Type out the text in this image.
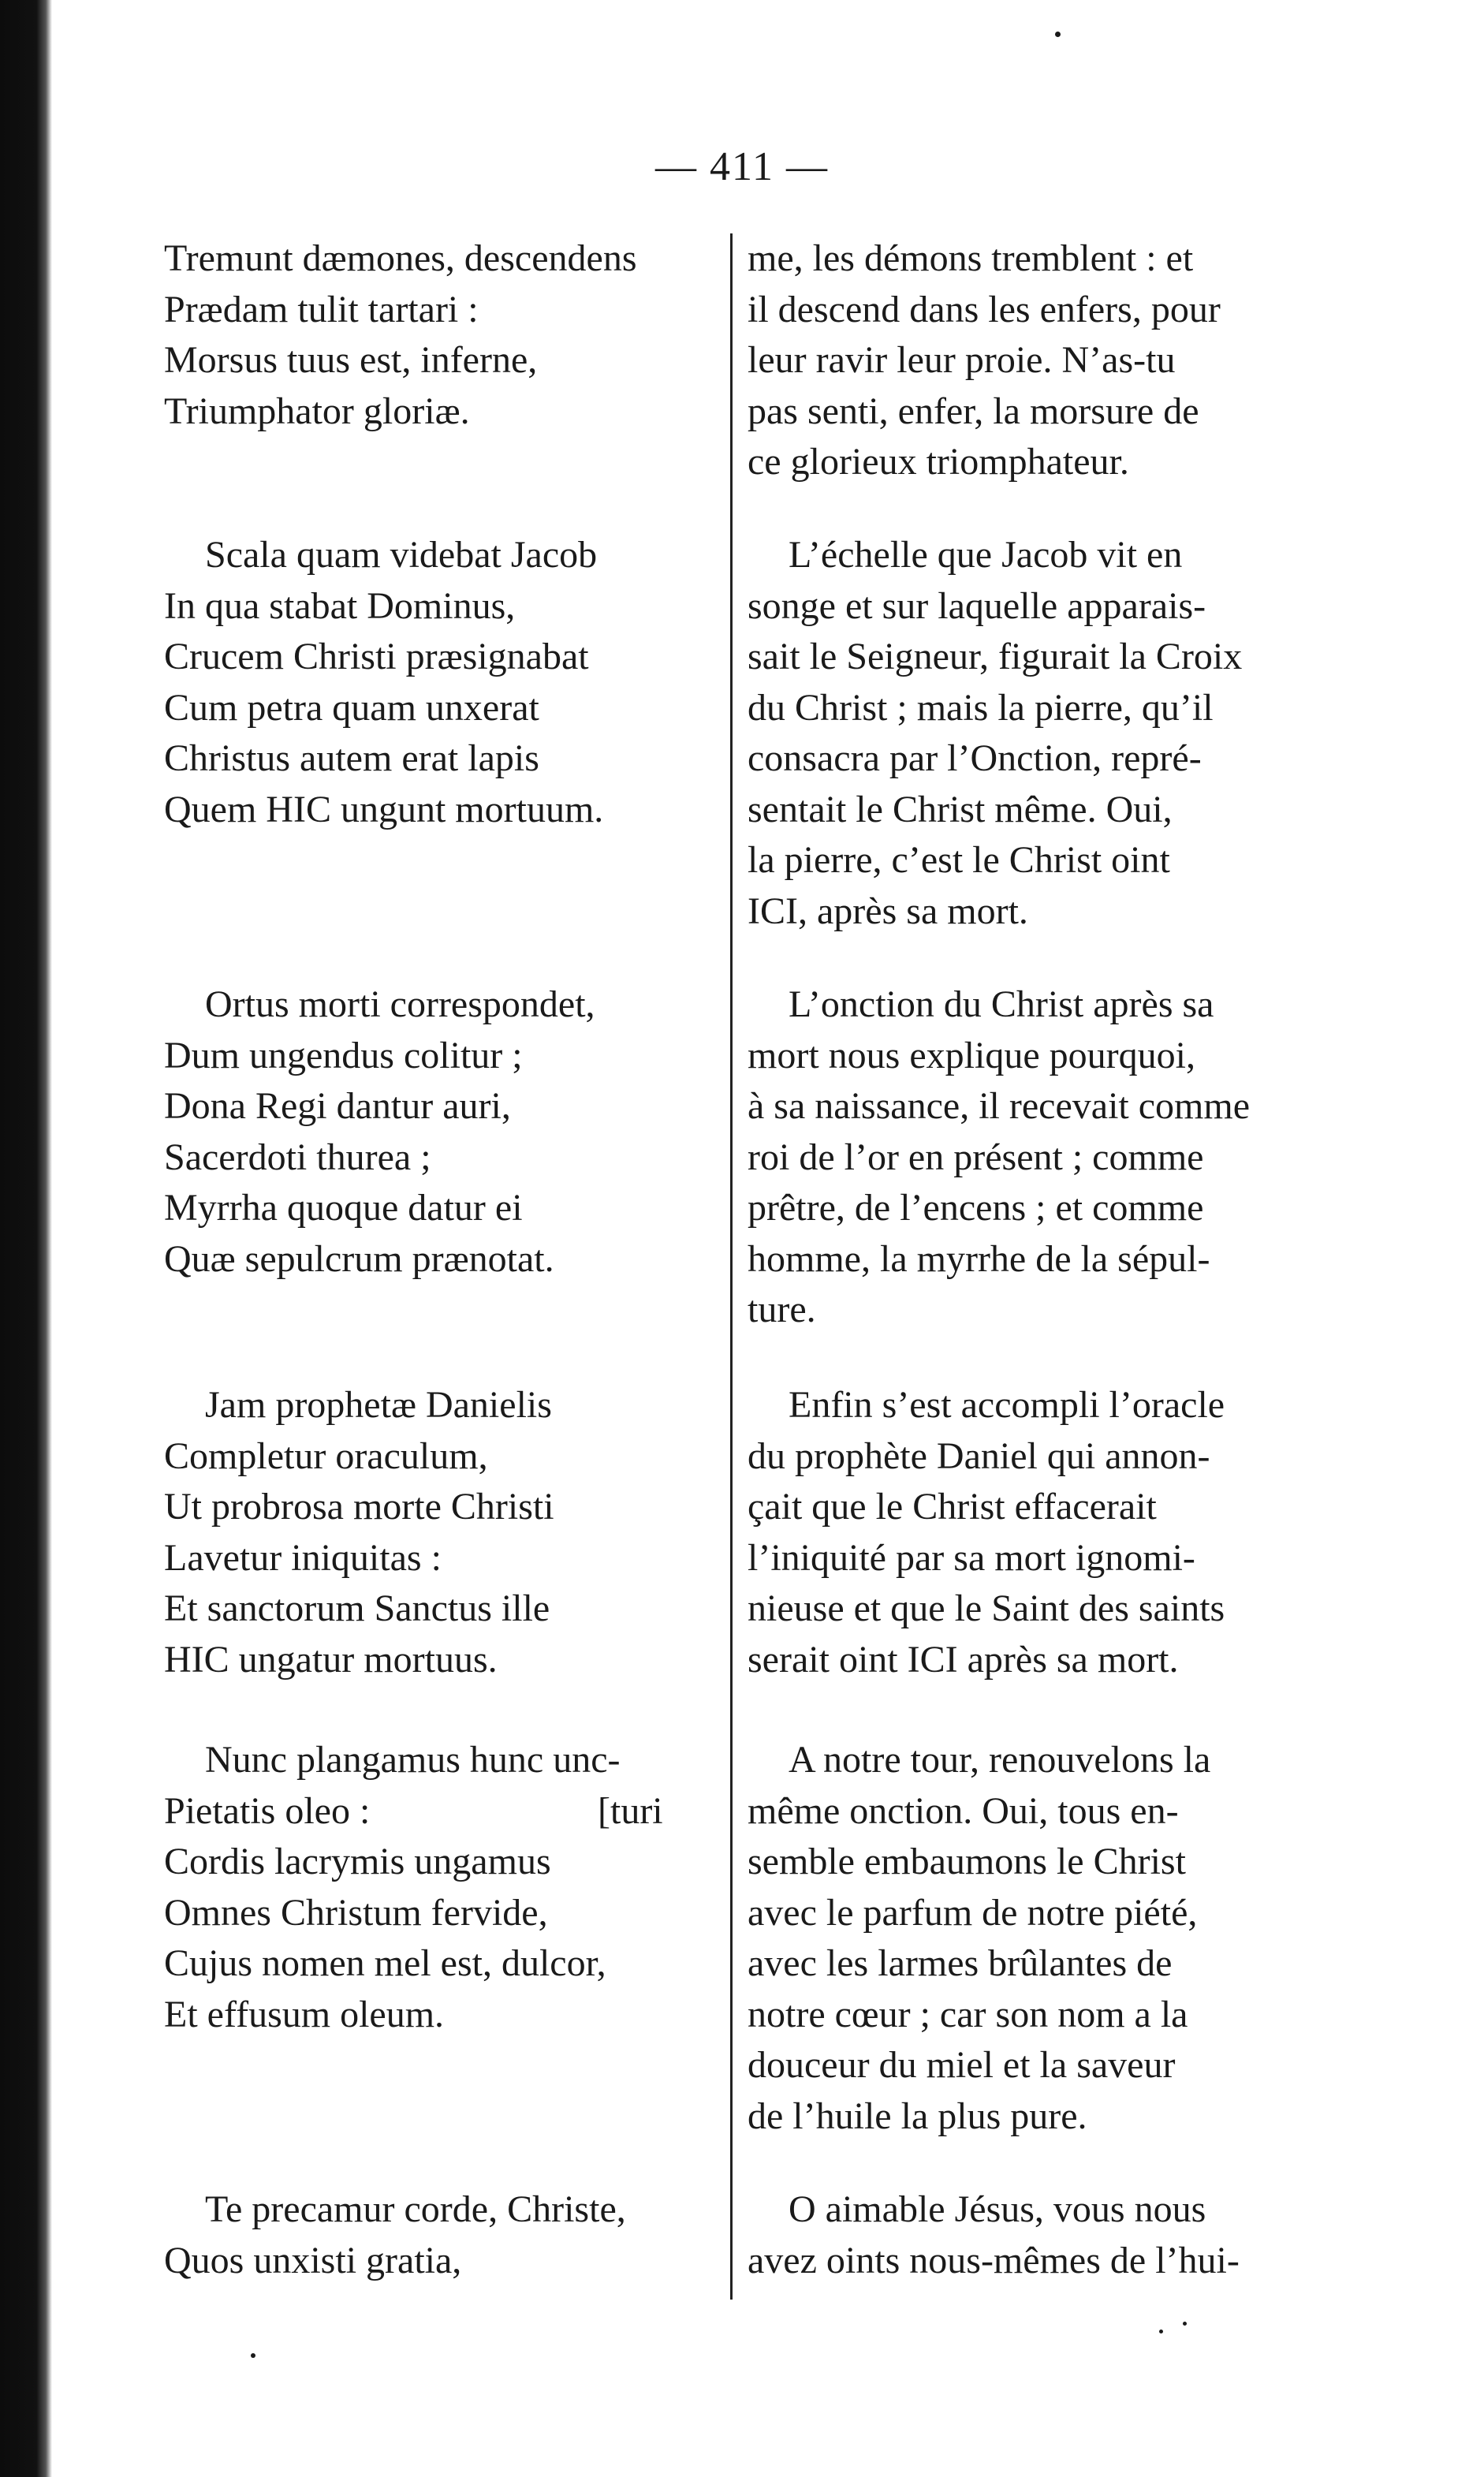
— 411 —
Tremunt dæmones, descendens
Prædam tulit tartari :
Morsus tuus est, inferne,
Triumphator gloriæ.
Scala quam videbat Jacob
In qua stabat Dominus,
Crucem Christi præsignabat
Cum petra quam unxerat
Christus autem erat lapis
Quem HIC ungunt mortuum.
Ortus morti correspondet,
Dum ungendus colitur ;
Dona Regi dantur auri,
Sacerdoti thurea ;
Myrrha quoque datur ei
Quæ sepulcrum prænotat.
Jam prophetæ Danielis
Completur oraculum,
Ut probrosa morte Christi
Lavetur iniquitas :
Et sanctorum Sanctus ille
HIC ungatur mortuus.
Nunc plangamus hunc unc-
Pietatis oleo :	[turi
Cordis lacrymis ungamus
Omnes Christum fervide,
Cujus nomen mel est, dulcor,
Et effusum oleum.
Te precamur corde, Christe,
Quos unxisti gratia,
me, les démons tremblent : et
il descend dans les enfers, pour
leur ravir leur proie. N’as-tu
pas senti, enfer, la morsure de
ce glorieux triomphateur.
L’échelle que Jacob vit en
songe et sur laquelle apparais-
sait le Seigneur, figurait la Croix
du Christ ; mais la pierre, qu’il
consacra par l’Onction, repré-
sentait le Christ même. Oui,
la pierre, c’est le Christ oint
ICI, après sa mort.
L’onction du Christ après sa
mort nous explique pourquoi,
à sa naissance, il recevait comme
roi de l’or en présent ; comme
prêtre, de l’encens ; et comme
homme, la myrrhe de la sépul-
ture.
Enfin s’est accompli l’oracle
du prophète Daniel qui annon-
çait que le Christ effacerait
l’iniquité par sa mort ignomi-
nieuse et que le Saint des saints
serait oint ICI après sa mort.
A notre tour, renouvelons la
même onction. Oui, tous en-
semble embaumons le Christ
avec le parfum de notre piété,
avec les larmes brûlantes de
notre cœur ; car son nom a la
douceur du miel et la saveur
de l’huile la plus pure.
O aimable Jésus, vous nous
avez oints nous-mêmes de l’hui-
